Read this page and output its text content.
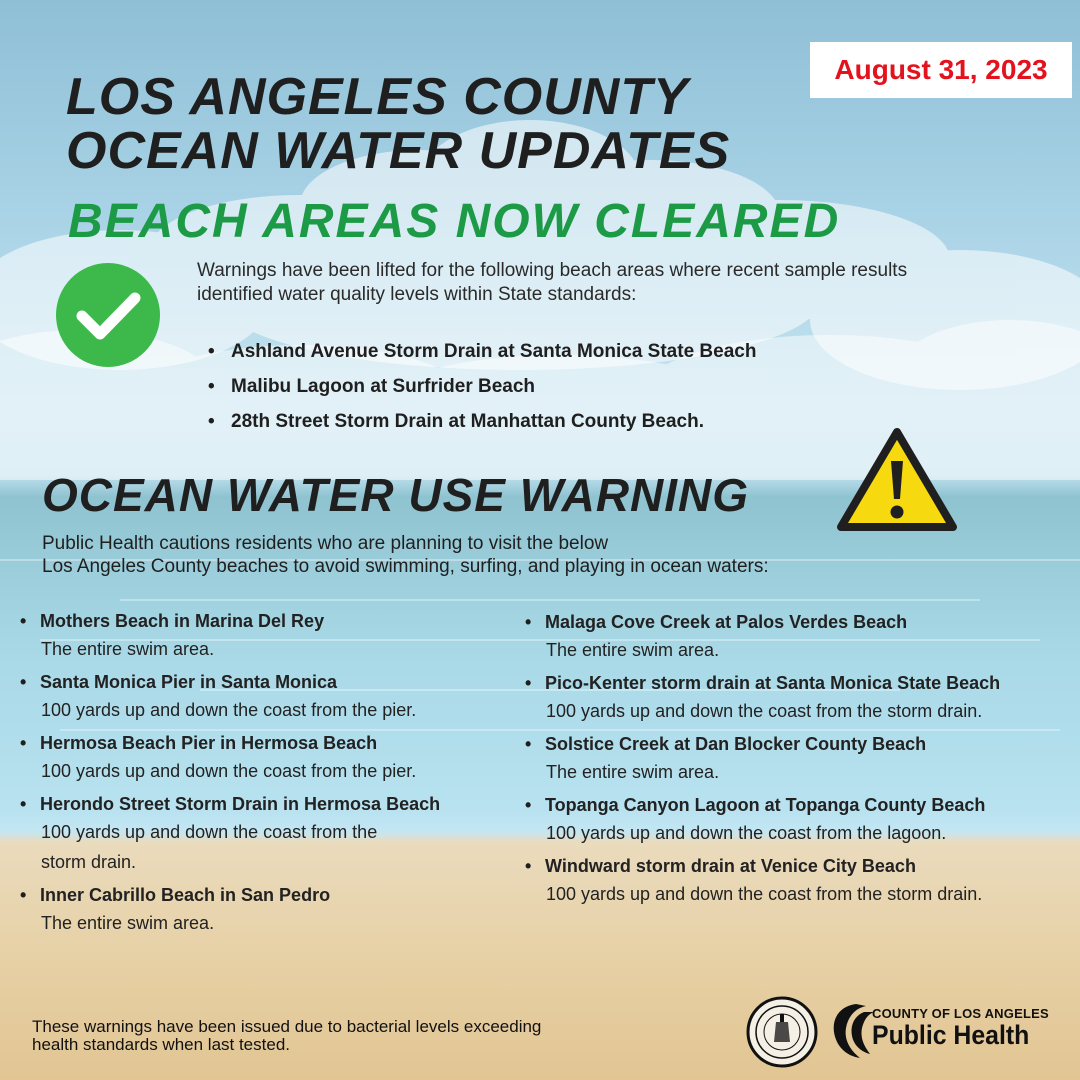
August 31, 2023
LOS ANGELES COUNTY
OCEAN WATER UPDATES
BEACH AREAS NOW CLEARED
Warnings have been lifted for the following beach areas where recent sample results identified water quality levels within State standards:
• Ashland Avenue Storm Drain at Santa Monica State Beach
• Malibu Lagoon at Surfrider Beach
• 28th Street Storm Drain at Manhattan County Beach.
OCEAN WATER USE WARNING
Public Health cautions residents who are planning to visit the below
Los Angeles County beaches to avoid swimming, surfing, and playing in ocean waters:
• Mothers Beach in Marina Del Rey
The entire swim area.
• Santa Monica Pier in Santa Monica
100 yards up and down the coast from the pier.
• Hermosa Beach Pier in Hermosa Beach
100 yards up and down the coast from the pier.
• Herondo Street Storm Drain in Hermosa Beach
100 yards up and down the coast from the storm drain.
• Inner Cabrillo Beach in San Pedro
The entire swim area.
• Malaga Cove Creek at Palos Verdes Beach
The entire swim area.
• Pico-Kenter storm drain at Santa Monica State Beach
100 yards up and down the coast from the storm drain.
• Solstice Creek at Dan Blocker County Beach
The entire swim area.
• Topanga Canyon Lagoon at Topanga County Beach
100 yards up and down the coast from the lagoon.
• Windward storm drain at Venice City Beach
100 yards up and down the coast from the storm drain.
These warnings have been issued due to bacterial levels exceeding
health standards when last tested.
COUNTY OF LOS ANGELES
Public Health
